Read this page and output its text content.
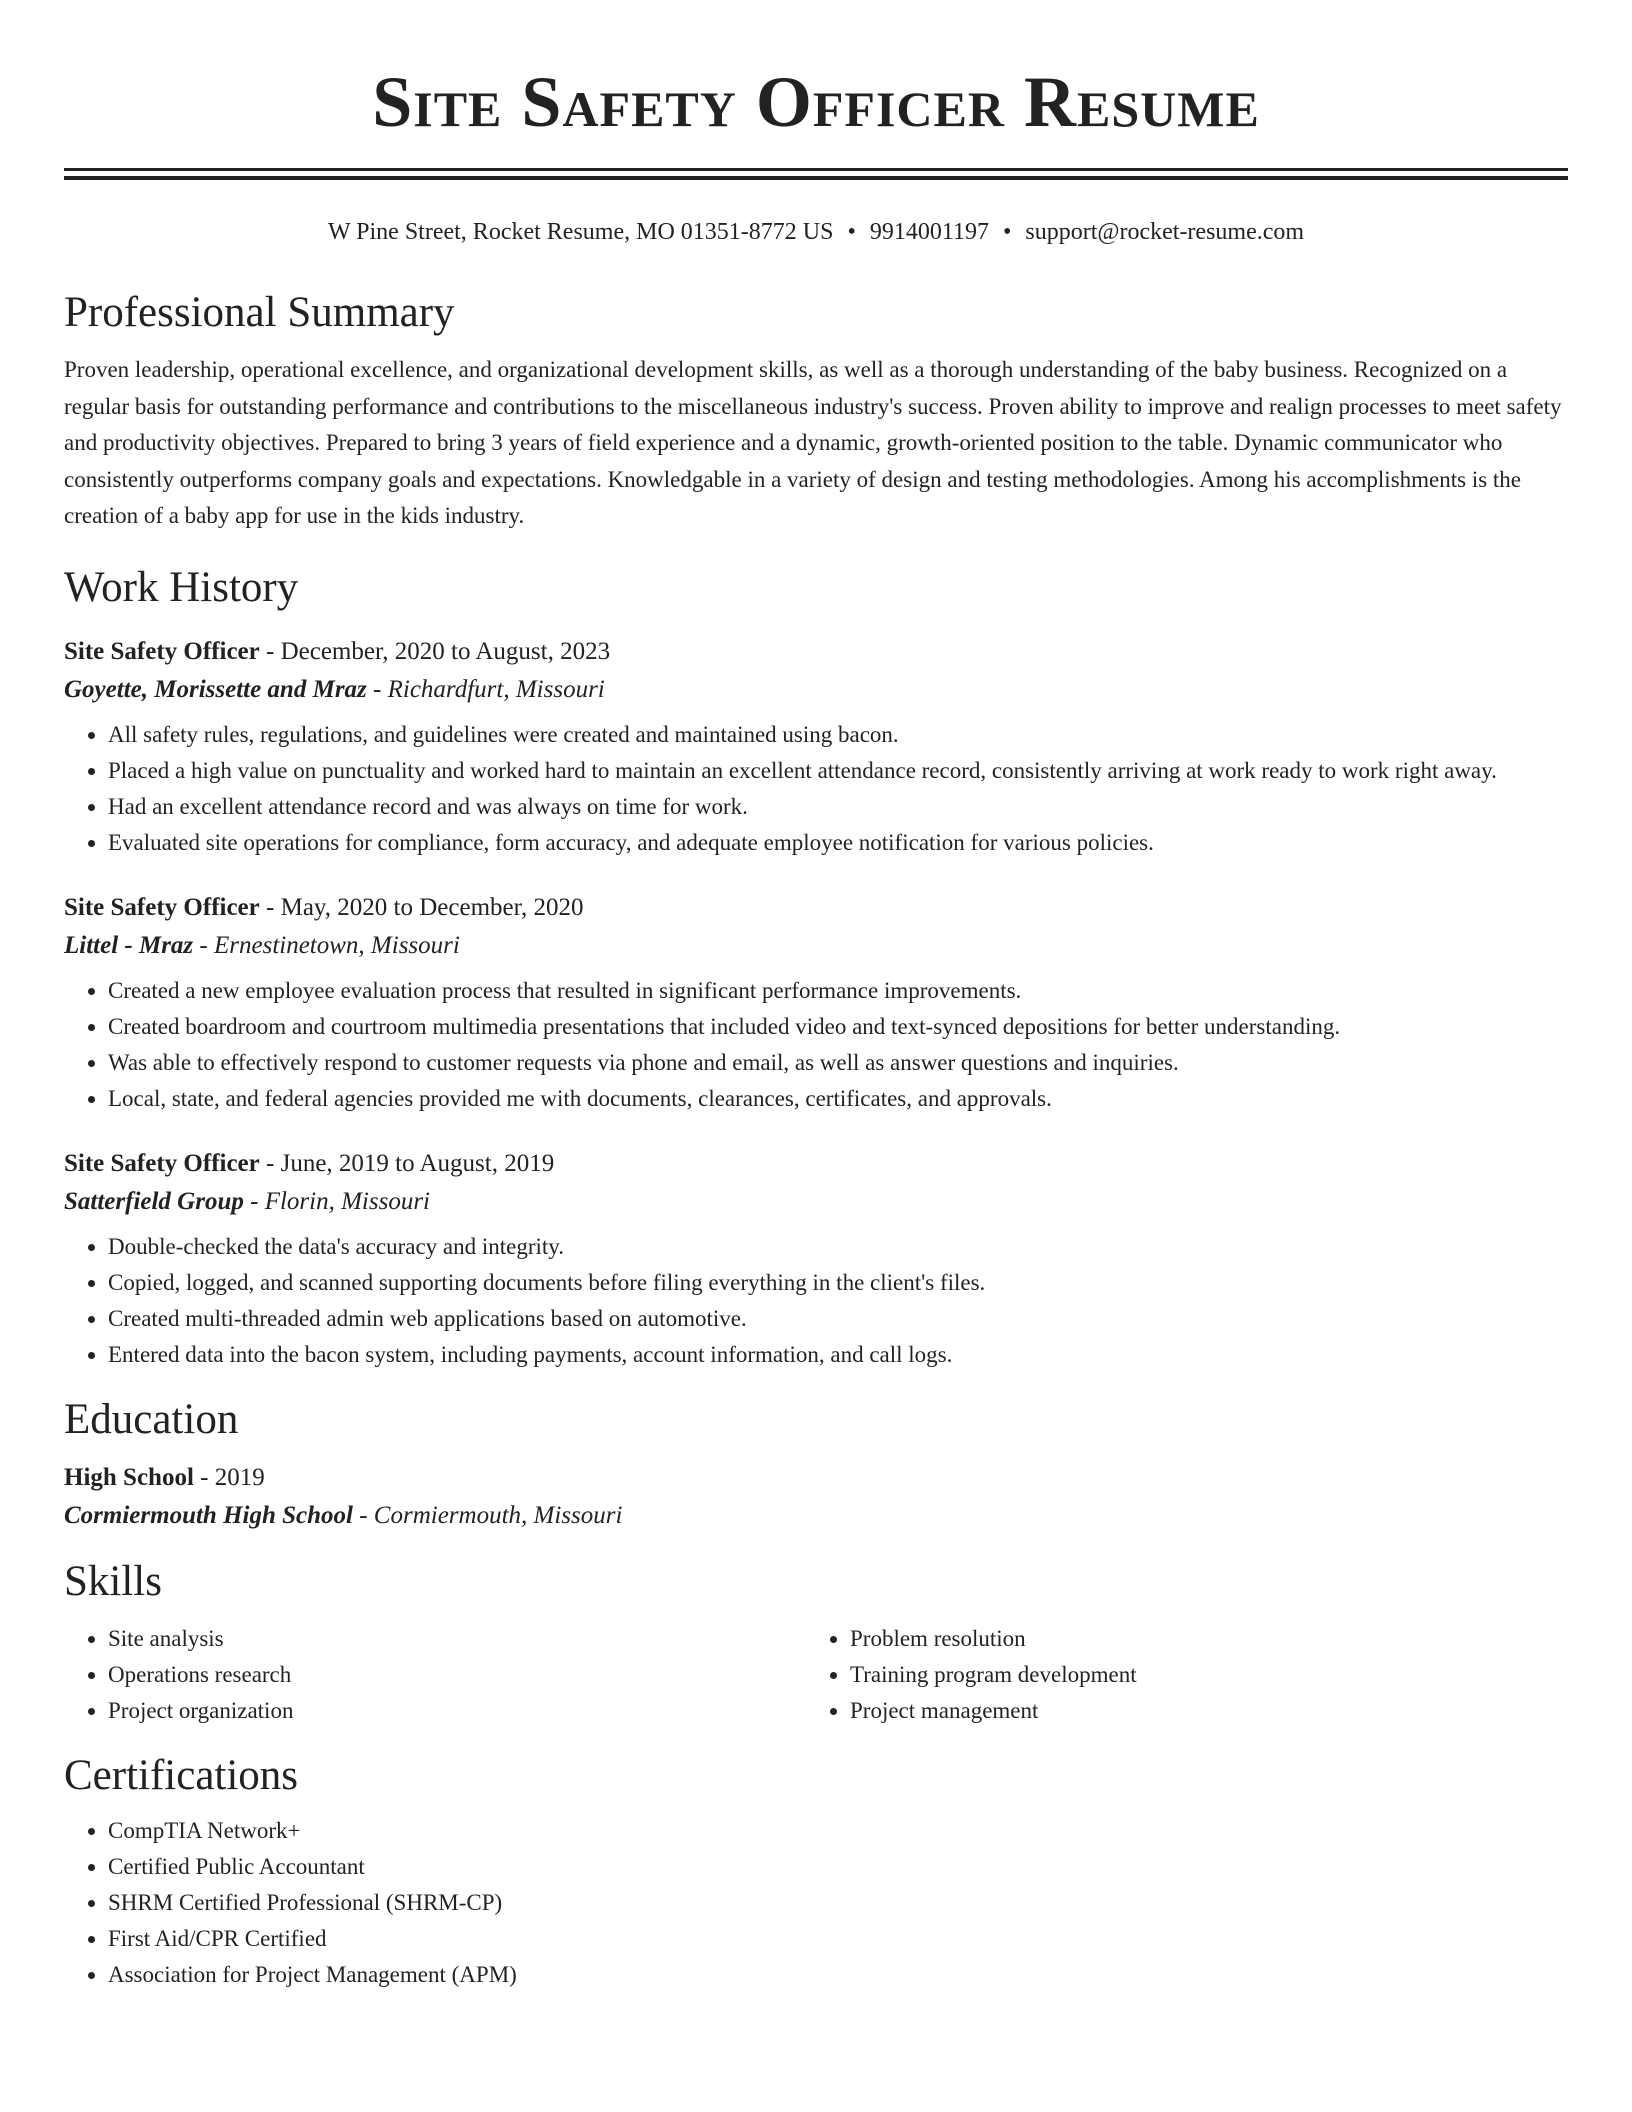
Site Safety Officer Resume
W Pine Street, Rocket Resume, MO 01351-8772 US • 9914001197 • support@rocket-resume.com
Professional Summary

Proven leadership, operational excellence, and organizational development skills, as well as a thorough understanding of the baby business. Recognized on a regular basis for outstanding performance and contributions to the miscellaneous industry's success. Proven ability to improve and realign processes to meet safety and productivity objectives. Prepared to bring 3 years of field experience and a dynamic, growth-oriented position to the table. Dynamic communicator who consistently outperforms company goals and expectations. Knowledgable in a variety of design and testing methodologies. Among his accomplishments is the creation of a baby app for use in the kids industry.

Work History
Site Safety Officer - December, 2020 to August, 2023
Goyette, Morissette and Mraz - Richardfurt, Missouri
• All safety rules, regulations, and guidelines were created and maintained using bacon.
• Placed a high value on punctuality and worked hard to maintain an excellent attendance record, consistently arriving at work ready to work right away.
• Had an excellent attendance record and was always on time for work.
• Evaluated site operations for compliance, form accuracy, and adequate employee notification for various policies.
Site Safety Officer - May, 2020 to December, 2020
Littel - Mraz - Ernestinetown, Missouri
• Created a new employee evaluation process that resulted in significant performance improvements.
• Created boardroom and courtroom multimedia presentations that included video and text-synced depositions for better understanding.
• Was able to effectively respond to customer requests via phone and email, as well as answer questions and inquiries.
• Local, state, and federal agencies provided me with documents, clearances, certificates, and approvals.
Site Safety Officer - June, 2019 to August, 2019
Satterfield Group - Florin, Missouri
• Double-checked the data's accuracy and integrity.
• Copied, logged, and scanned supporting documents before filing everything in the client's files.
• Created multi-threaded admin web applications based on automotive.
• Entered data into the bacon system, including payments, account information, and call logs.
Education
High School - 2019
Cormiermouth High School - Cormiermouth, Missouri
Skills
• Site analysis
• Operations research
• Project organization
• Problem resolution
• Training program development
• Project management
Certifications
• CompTIA Network+
• Certified Public Accountant
• SHRM Certified Professional (SHRM-CP)
• First Aid/CPR Certified
• Association for Project Management (APM)
